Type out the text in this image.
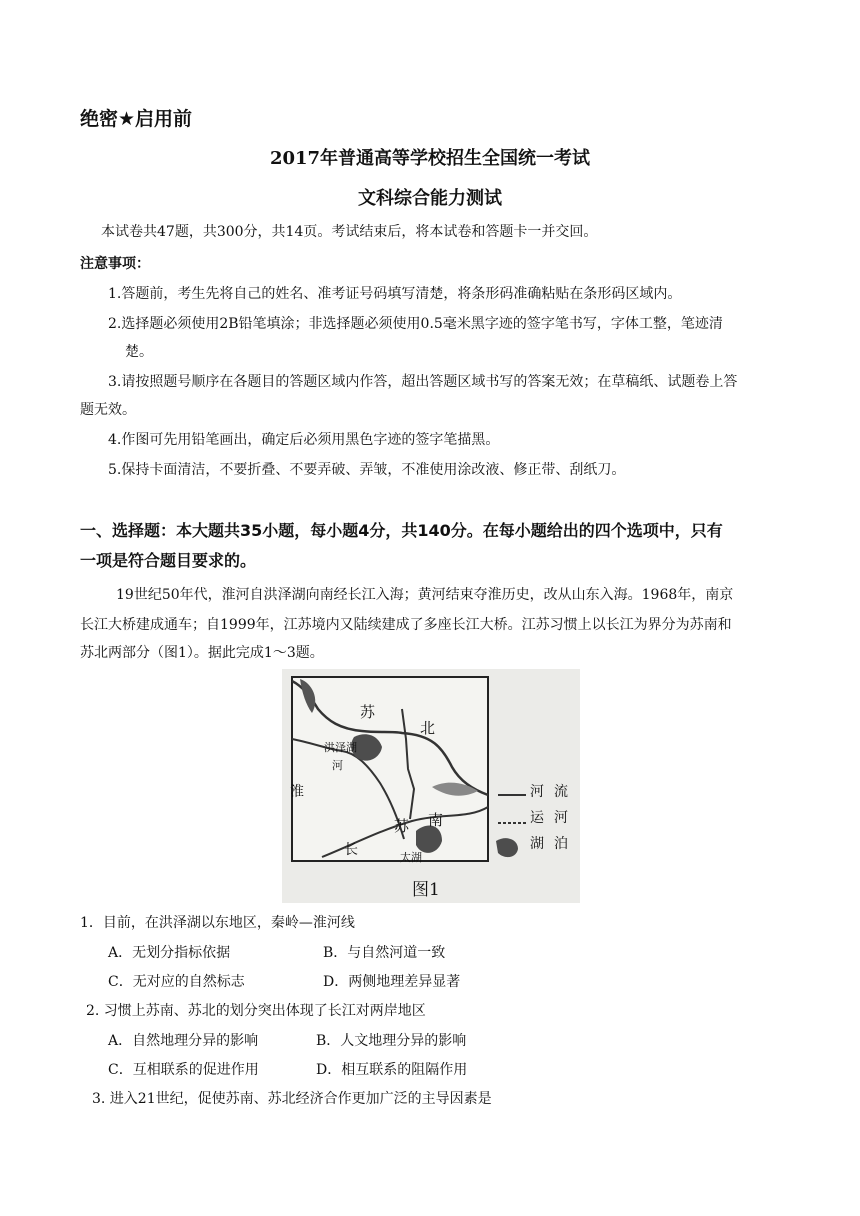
绝密★启用前
2017年普通高等学校招生全国统一考试
文科综合能力测试
本试卷共47题，共300分，共14页。考试结束后，将本试卷和答题卡一并交回。
注意事项：
1.答题前，考生先将自己的姓名、准考证号码填写清楚，将条形码准确粘贴在条形码区域内。
2.选择题必须使用2B铅笔填涂；非选择题必须使用0.5毫米黑字迹的签字笔书写，字体工整，笔迹清
楚。
3.请按照题号顺序在各题目的答题区域内作答，超出答题区域书写的答案无效；在草稿纸、试题卷上答
题无效。
4.作图可先用铅笔画出，确定后必须用黑色字迹的签字笔描黑。
5.保持卡面清洁，不要折叠、不要弄破、弄皱，不准使用涂改液、修正带、刮纸刀。
一、选择题：本大题共35小题，每小题4分，共140分。在每小题给出的四个选项中，只有
一项是符合题目要求的。
19世纪50年代，淮河自洪泽湖向南经长江入海；黄河结束夺淮历史，改从山东入海。1968年，南京
长江大桥建成通车；自1999年，江苏境内又陆续建成了多座长江大桥。江苏习惯上以长江为界分为苏南和
苏北两部分（图1）。据此完成1～3题。
苏
北
洪泽湖
河
淮
苏 南
长	太湖
河运湖
流河泊
图1
1．目前，在洪泽湖以东地区，秦岭—淮河线
A．无划分指标依据	B．与自然河道一致
C．无对应的自然标志	D．两侧地理差异显著
2. 习惯上苏南、苏北的划分突出体现了长江对两岸地区
A．自然地理分异的影响	B．人文地理分异的影响
C．互相联系的促进作用	D．相互联系的阻隔作用
3. 进入21世纪，促使苏南、苏北经济合作更加广泛的主导因素是
